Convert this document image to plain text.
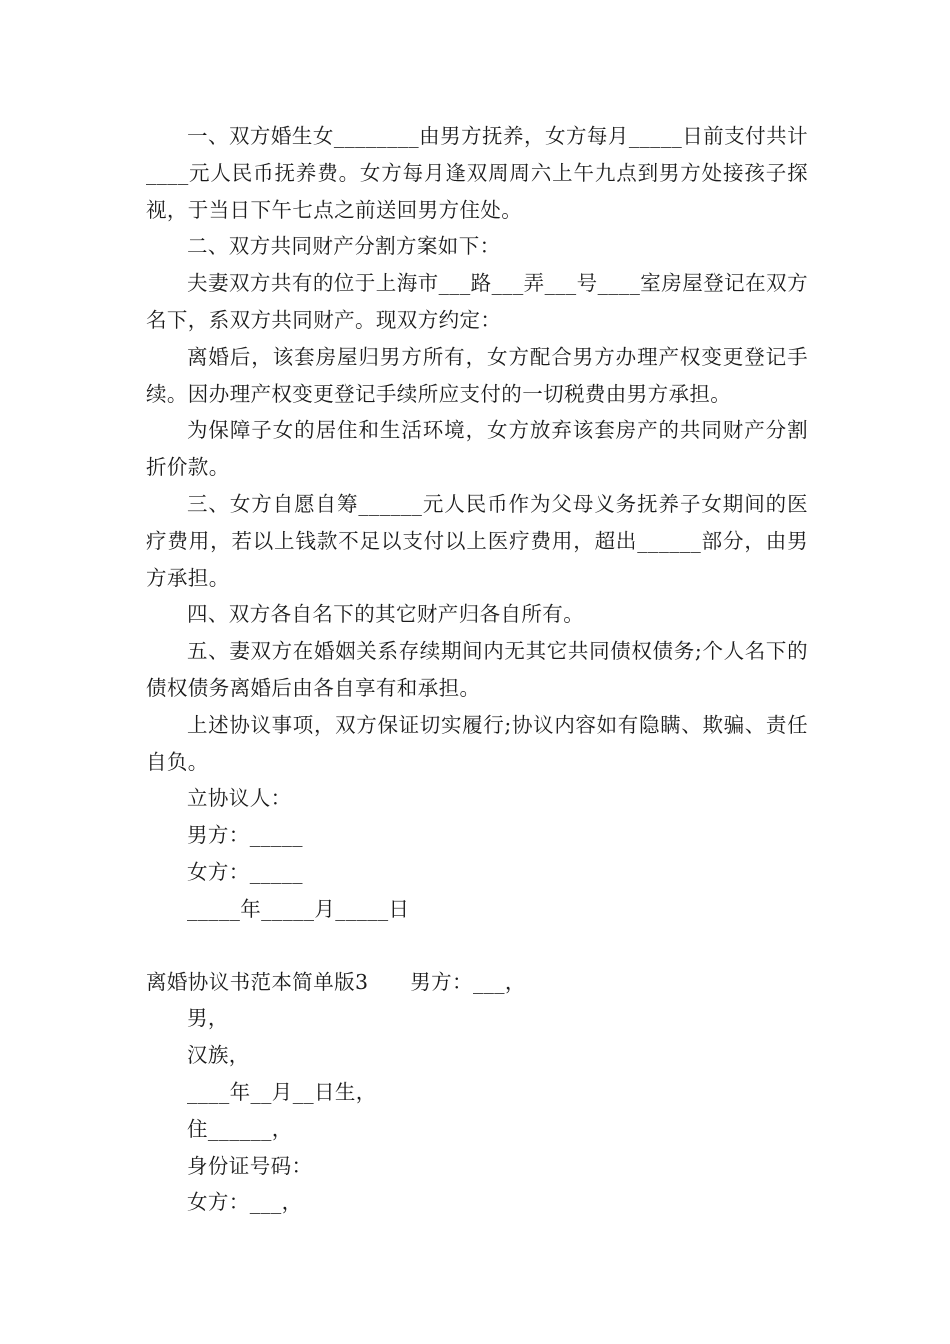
一、双方婚生女________由男方抚养，女方每月_____日前支付共计____元人民币抚养费。女方每月逢双周周六上午九点到男方处接孩子探视，于当日下午七点之前送回男方住处。

二、双方共同财产分割方案如下：

夫妻双方共有的位于上海市___路___弄___号____室房屋登记在双方名下，系双方共同财产。现双方约定：

离婚后，该套房屋归男方所有，女方配合男方办理产权变更登记手续。因办理产权变更登记手续所应支付的一切税费由男方承担。

为保障子女的居住和生活环境，女方放弃该套房产的共同财产分割折价款。

三、女方自愿自筹______元人民币作为父母义务抚养子女期间的医疗费用，若以上钱款不足以支付以上医疗费用，超出______部分，由男方承担。

四、双方各自名下的其它财产归各自所有。

五、妻双方在婚姻关系存续期间内无其它共同债权债务;个人名下的债权债务离婚后由各自享有和承担。

上述协议事项，双方保证切实履行;协议内容如有隐瞒、欺骗、责任自负。

立协议人：

男方：_____

女方：_____

_____年_____月_____日

离婚协议书范本简单版3　　男方：___，

男，

汉族，

____年__月__日生，

住______，

身份证号码：

女方：___，
